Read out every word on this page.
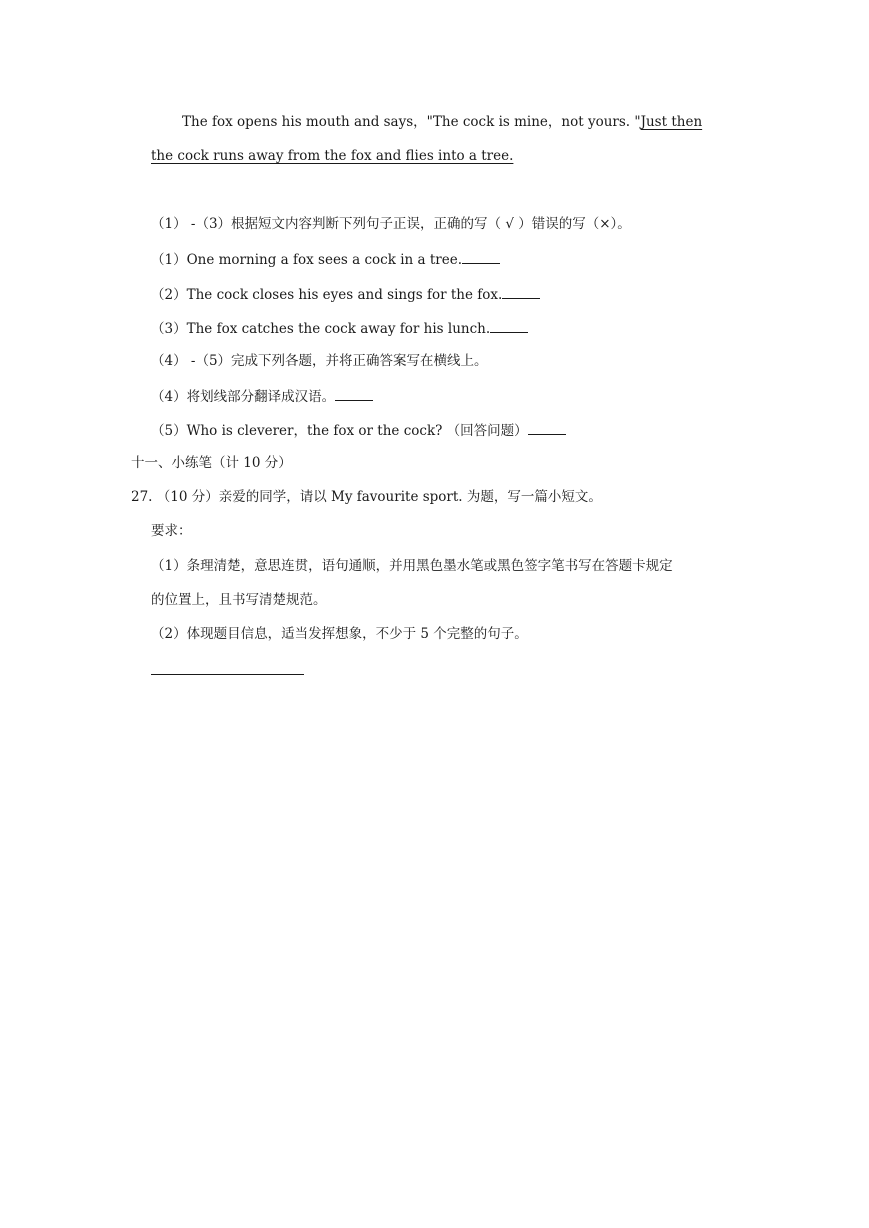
The fox opens his mouth and says，"The cock is mine，not yours. "Just then
the cock runs away from the fox and flies into a tree.
（1） -（3）根据短文内容判断下列句子正误，正确的写（ √ ）错误的写（×）。
（1）One morning a fox sees a cock in a tree.
（2）The cock closes his eyes and sings for the fox.
（3）The fox catches the cock away for his lunch.
（4） -（5）完成下列各题，并将正确答案写在横线上。
（4）将划线部分翻译成汉语。
（5）Who is cleverer，the fox or the cock? （回答问题）
十一、小练笔（计 10 分）
27. （10 分）亲爱的同学，请以 My favourite sport. 为题，写一篇小短文。
要求：
（1）条理清楚，意思连贯，语句通顺，并用黑色墨水笔或黑色签字笔书写在答题卡规定
的位置上，且书写清楚规范。
（2）体现题目信息，适当发挥想象，不少于 5 个完整的句子。
